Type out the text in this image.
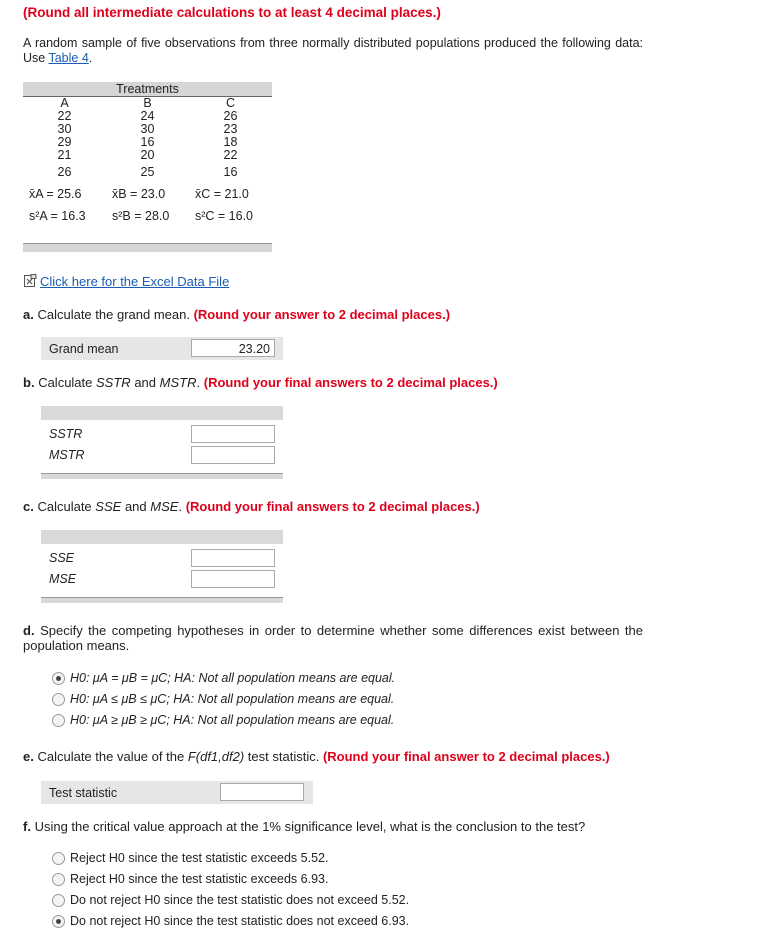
(Round all intermediate calculations to at least 4 decimal places.)
A random sample of five observations from three normally distributed populations produced the following data: Use Table 4.
Treatments
A	B	C
22	24	26
30	30	23
29	16	18
21	20	22

26	25	16

x̄A = 25.6	x̄B = 23.0	x̄C = 21.0
s²A = 16.3	s²B = 28.0	s²C = 16.0
Click here for the Excel Data File
a. Calculate the grand mean. (Round your answer to 2 decimal places.)
Grand mean	23.20
b. Calculate SSTR and MSTR. (Round your final answers to 2 decimal places.)
SSTR
MSTR
c. Calculate SSE and MSE. (Round your final answers to 2 decimal places.)
SSE
MSE
d. Specify the competing hypotheses in order to determine whether some differences exist between the population means.
H0: μA = μB = μC; HA: Not all population means are equal.
H0: μA ≤ μB ≤ μC; HA: Not all population means are equal.
H0: μA ≥ μB ≥ μC; HA: Not all population means are equal.
e. Calculate the value of the F(df1,df2) test statistic. (Round your final answer to 2 decimal places.)
Test statistic
f. Using the critical value approach at the 1% significance level, what is the conclusion to the test?
Reject H0 since the test statistic exceeds 5.52.
Reject H0 since the test statistic exceeds 6.93.
Do not reject H0 since the test statistic does not exceed 5.52.
Do not reject H0 since the test statistic does not exceed 6.93.
